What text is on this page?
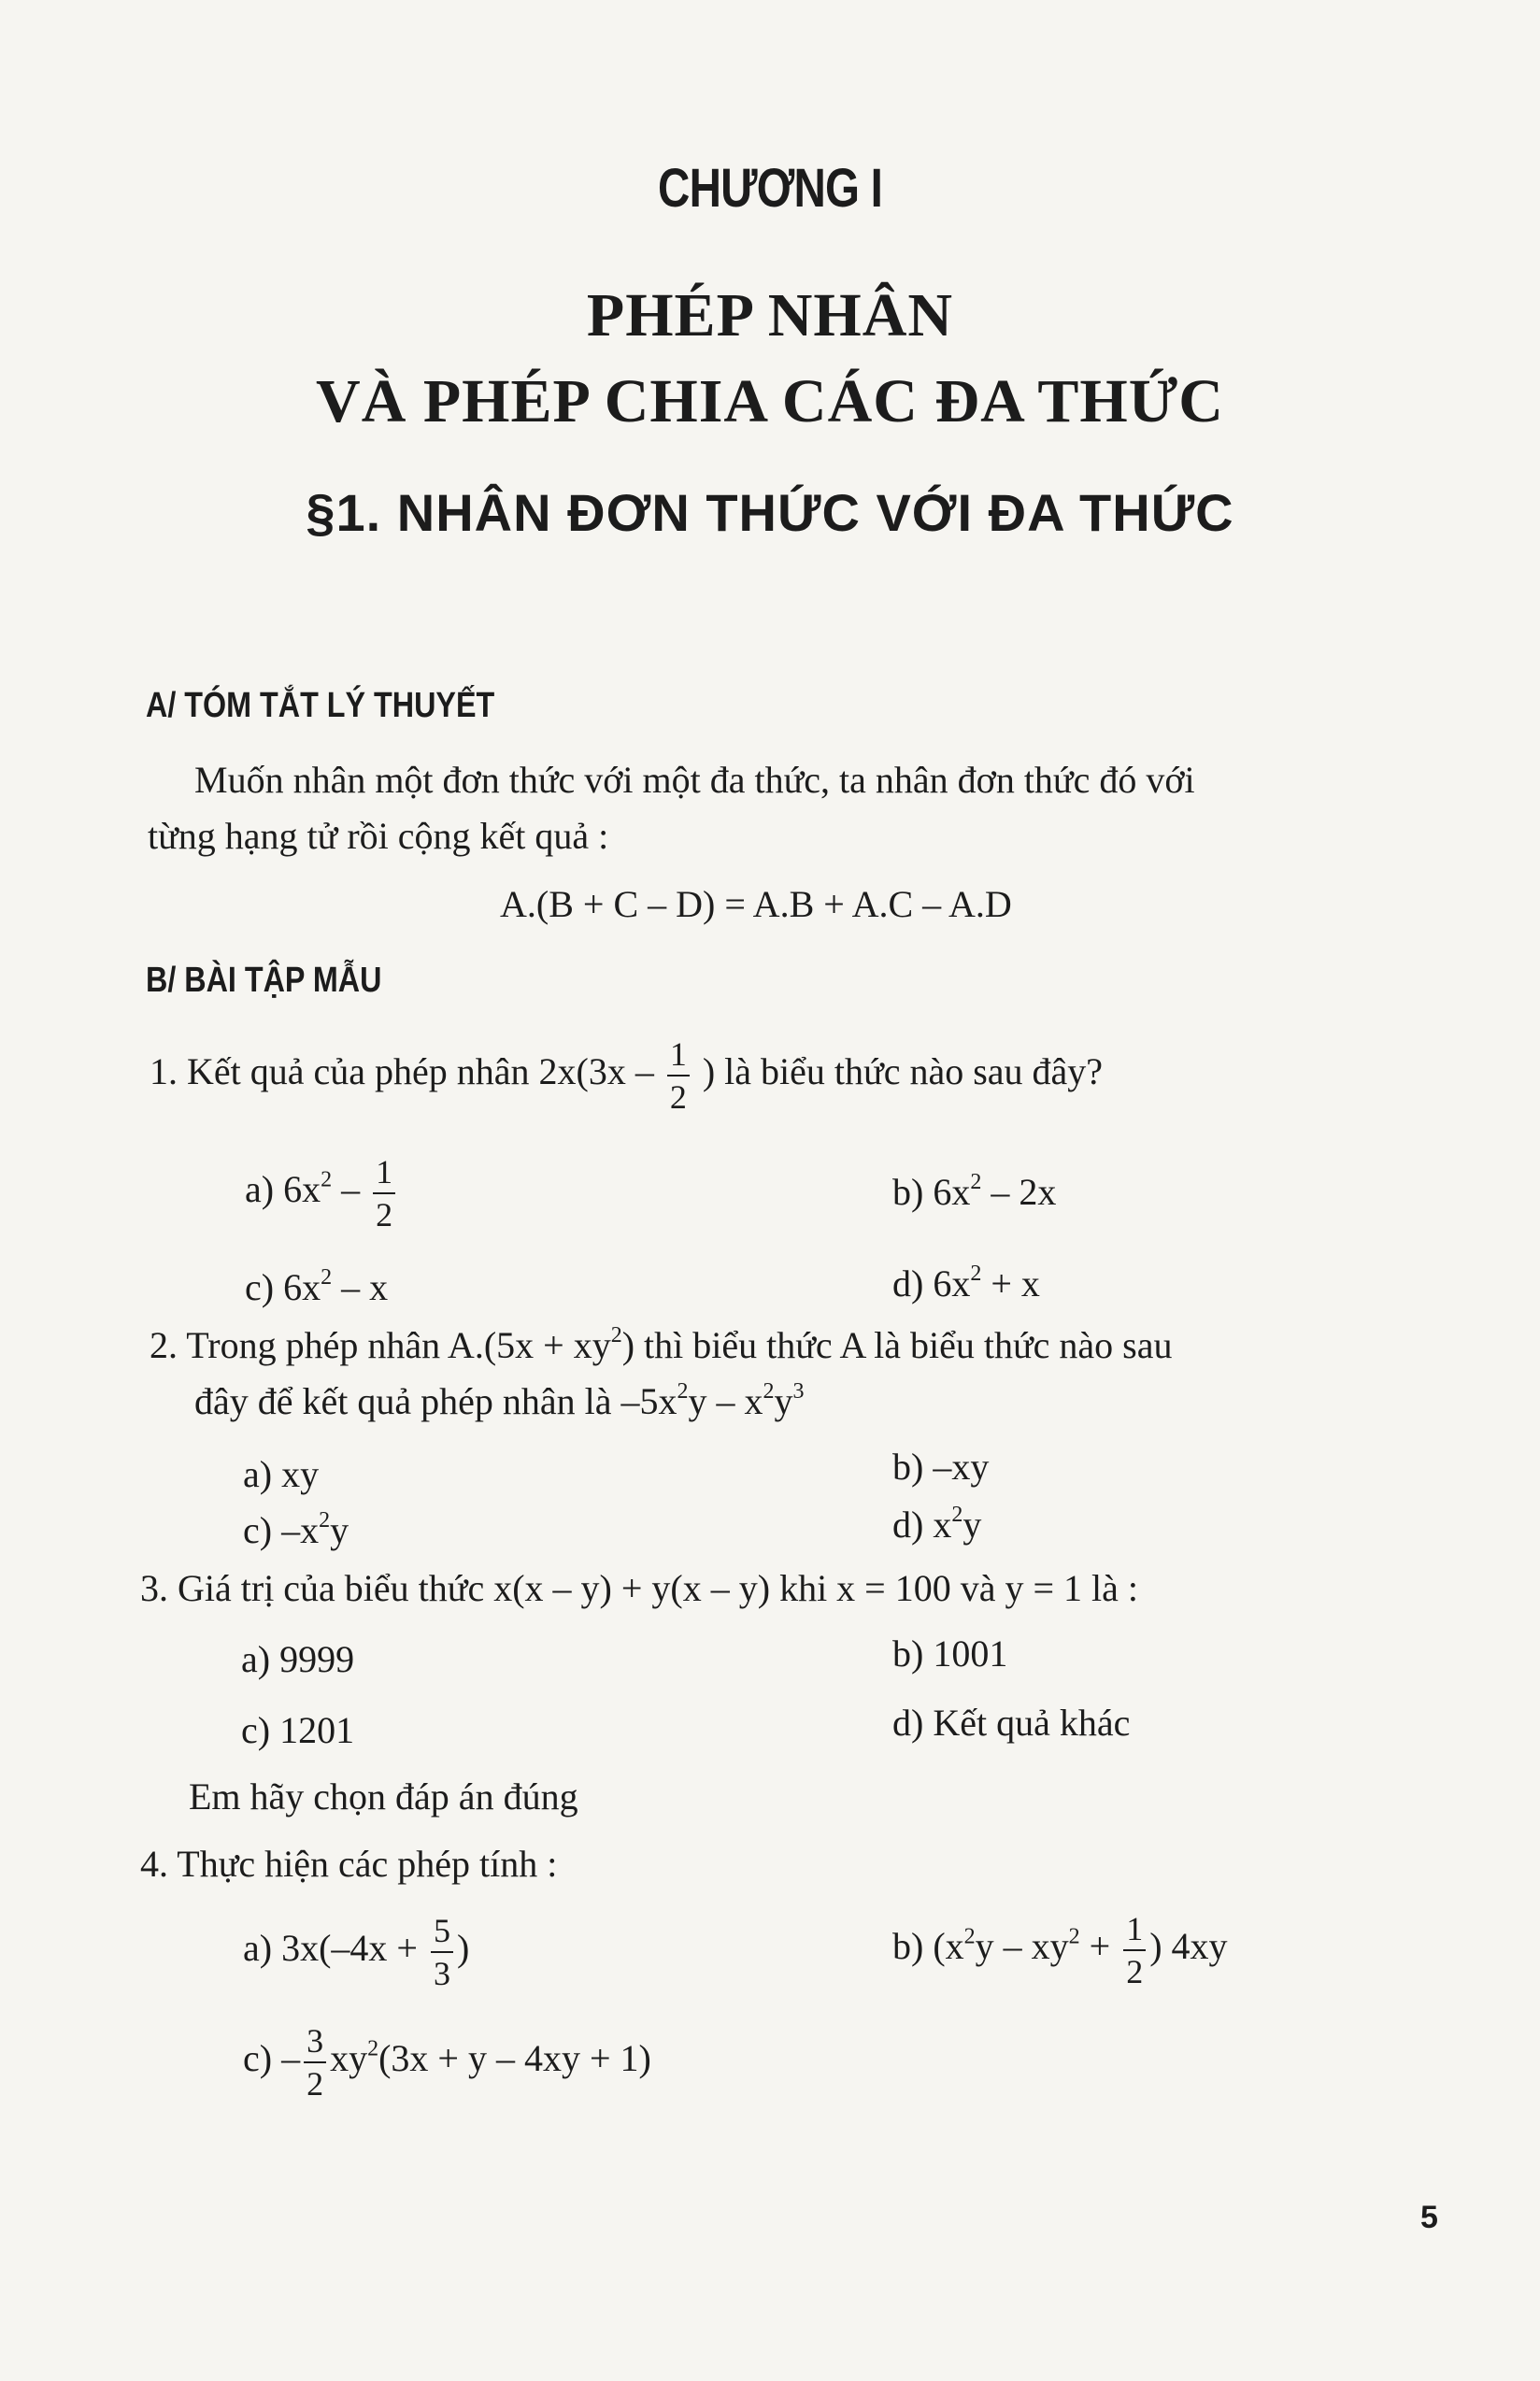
CHƯƠNG I
PHÉP NHÂN
VÀ PHÉP CHIA CÁC ĐA THỨC
§1. NHÂN ĐƠN THỨC VỚI ĐA THỨC
A/ TÓM TẮT LÝ THUYẾT
Muốn nhân một đơn thức với một đa thức, ta nhân đơn thức đó với
từng hạng tử rồi cộng kết quả :
A.(B + C – D) = A.B + A.C – A.D
B/ BÀI TẬP MẪU
1. Kết quả của phép nhân $2x(3x - \frac{1}{2}$ ) là biểu thức nào sau đây?
a) $6x^2 - \frac{1}{2}$	b) $6x^2 - 2x$
c) $6x^2$ – x	d) $6x^2 + x$
2. Trong phép nhân $A.(5x + xy^2)$ thì biểu thức A là biểu thức nào sau
đây để kết quả phép nhân là $-5x^2y - x^2y^3$
a) xy	b) –xy
c) $-x^2y$	d) $x^2y$
3. Giá trị của biểu thức x(x – y) + y(x – y) khi x = 100 và y = 1 là :
a) 9999	b) 1001
c) 1201	d) Kết quả khác
Em hãy chọn đáp án đúng
4. Thực hiện các phép tính :
a) $3x(-4x + \frac{5}{3}$ )	b) ($x^2y - xy^2 + \frac{1}{2}$ ) 4xy
$c) - \frac{3}{2} xy^2(3x + y - 4xy + 1)$
5
